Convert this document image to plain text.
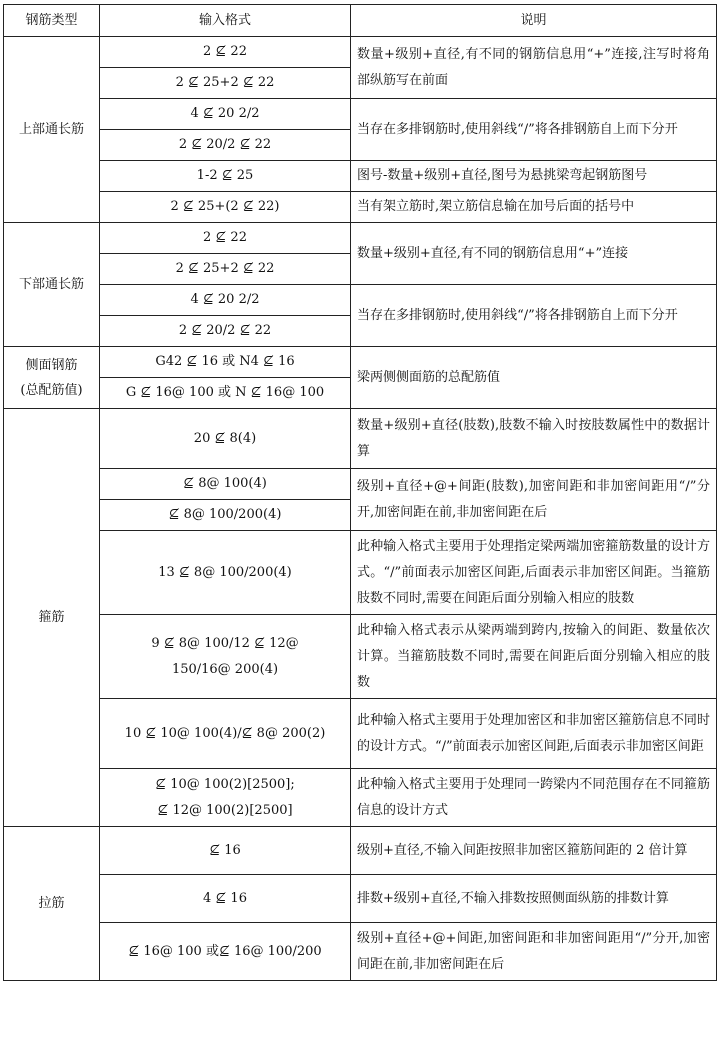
钢筋类型	输入格式	说明

上部通长筋	2 ⊈ 22	数量+级别+直径,有不同的钢筋信息用“+”连接,注写时将角部纵筋写在前面

	2 ⊈ 25+2 ⊈ 22	

	4 ⊈ 20 2/2	当存在多排钢筋时,使用斜线“/”将各排钢筋自上而下分开

	2 ⊈ 20/2 ⊈ 22	

	1-2 ⊈ 25	图号-数量+级别+直径,图号为悬挑梁弯起钢筋图号

	2 ⊈ 25+(2 ⊈ 22)	当有架立筋时,架立筋信息输在加号后面的括号中

下部通长筋	2 ⊈ 22	数量+级别+直径,有不同的钢筋信息用“+”连接

	2 ⊈ 25+2 ⊈ 22	

	4 ⊈ 20 2/2	当存在多排钢筋时,使用斜线“/”将各排钢筋自上而下分开

	2 ⊈ 20/2 ⊈ 22	

侧面钢筋
(总配筋值)	G42 ⊈ 16 或 N4 ⊈ 16	梁两侧侧面筋的总配筋值

	G ⊈ 16@ 100 或 N ⊈ 16@ 100	

箍筋	20 ⊈ 8(4)	数量+级别+直径(肢数),肢数不输入时按肢数属性中的数据计算

	⊈ 8@ 100(4)	级别+直径+@+间距(肢数),加密间距和非加密间距用“/”分开,加密间距在前,非加密间距在后

	⊈ 8@ 100/200(4)	

	13 ⊈ 8@ 100/200(4)	此种输入格式主要用于处理指定梁两端加密箍筋数量的设计方式。“/”前面表示加密区间距,后面表示非加密区间距。当箍筋肢数不同时,需要在间距后面分别输入相应的肢数

	9 ⊈ 8@ 100/12 ⊈ 12@
150/16@ 200(4)	此种输入格式表示从梁两端到跨内,按输入的间距、数量依次计算。当箍筋肢数不同时,需要在间距后面分别输入相应的肢数

	10 ⊈ 10@ 100(4)/⊈ 8@ 200(2)	此种输入格式主要用于处理加密区和非加密区箍筋信息不同时的设计方式。“/”前面表示加密区间距,后面表示非加密区间距

	⊈ 10@ 100(2)[2500];
⊈ 12@ 100(2)[2500]	此种输入格式主要用于处理同一跨梁内不同范围存在不同箍筋信息的设计方式

拉筋	⊈ 16	级别+直径,不输入间距按照非加密区箍筋间距的 2 倍计算

	4 ⊈ 16	排数+级别+直径,不输入排数按照侧面纵筋的排数计算

	⊈ 16@ 100 或⊈ 16@ 100/200	级别+直径+@+间距,加密间距和非加密间距用“/”分开,加密间距在前,非加密间距在后
